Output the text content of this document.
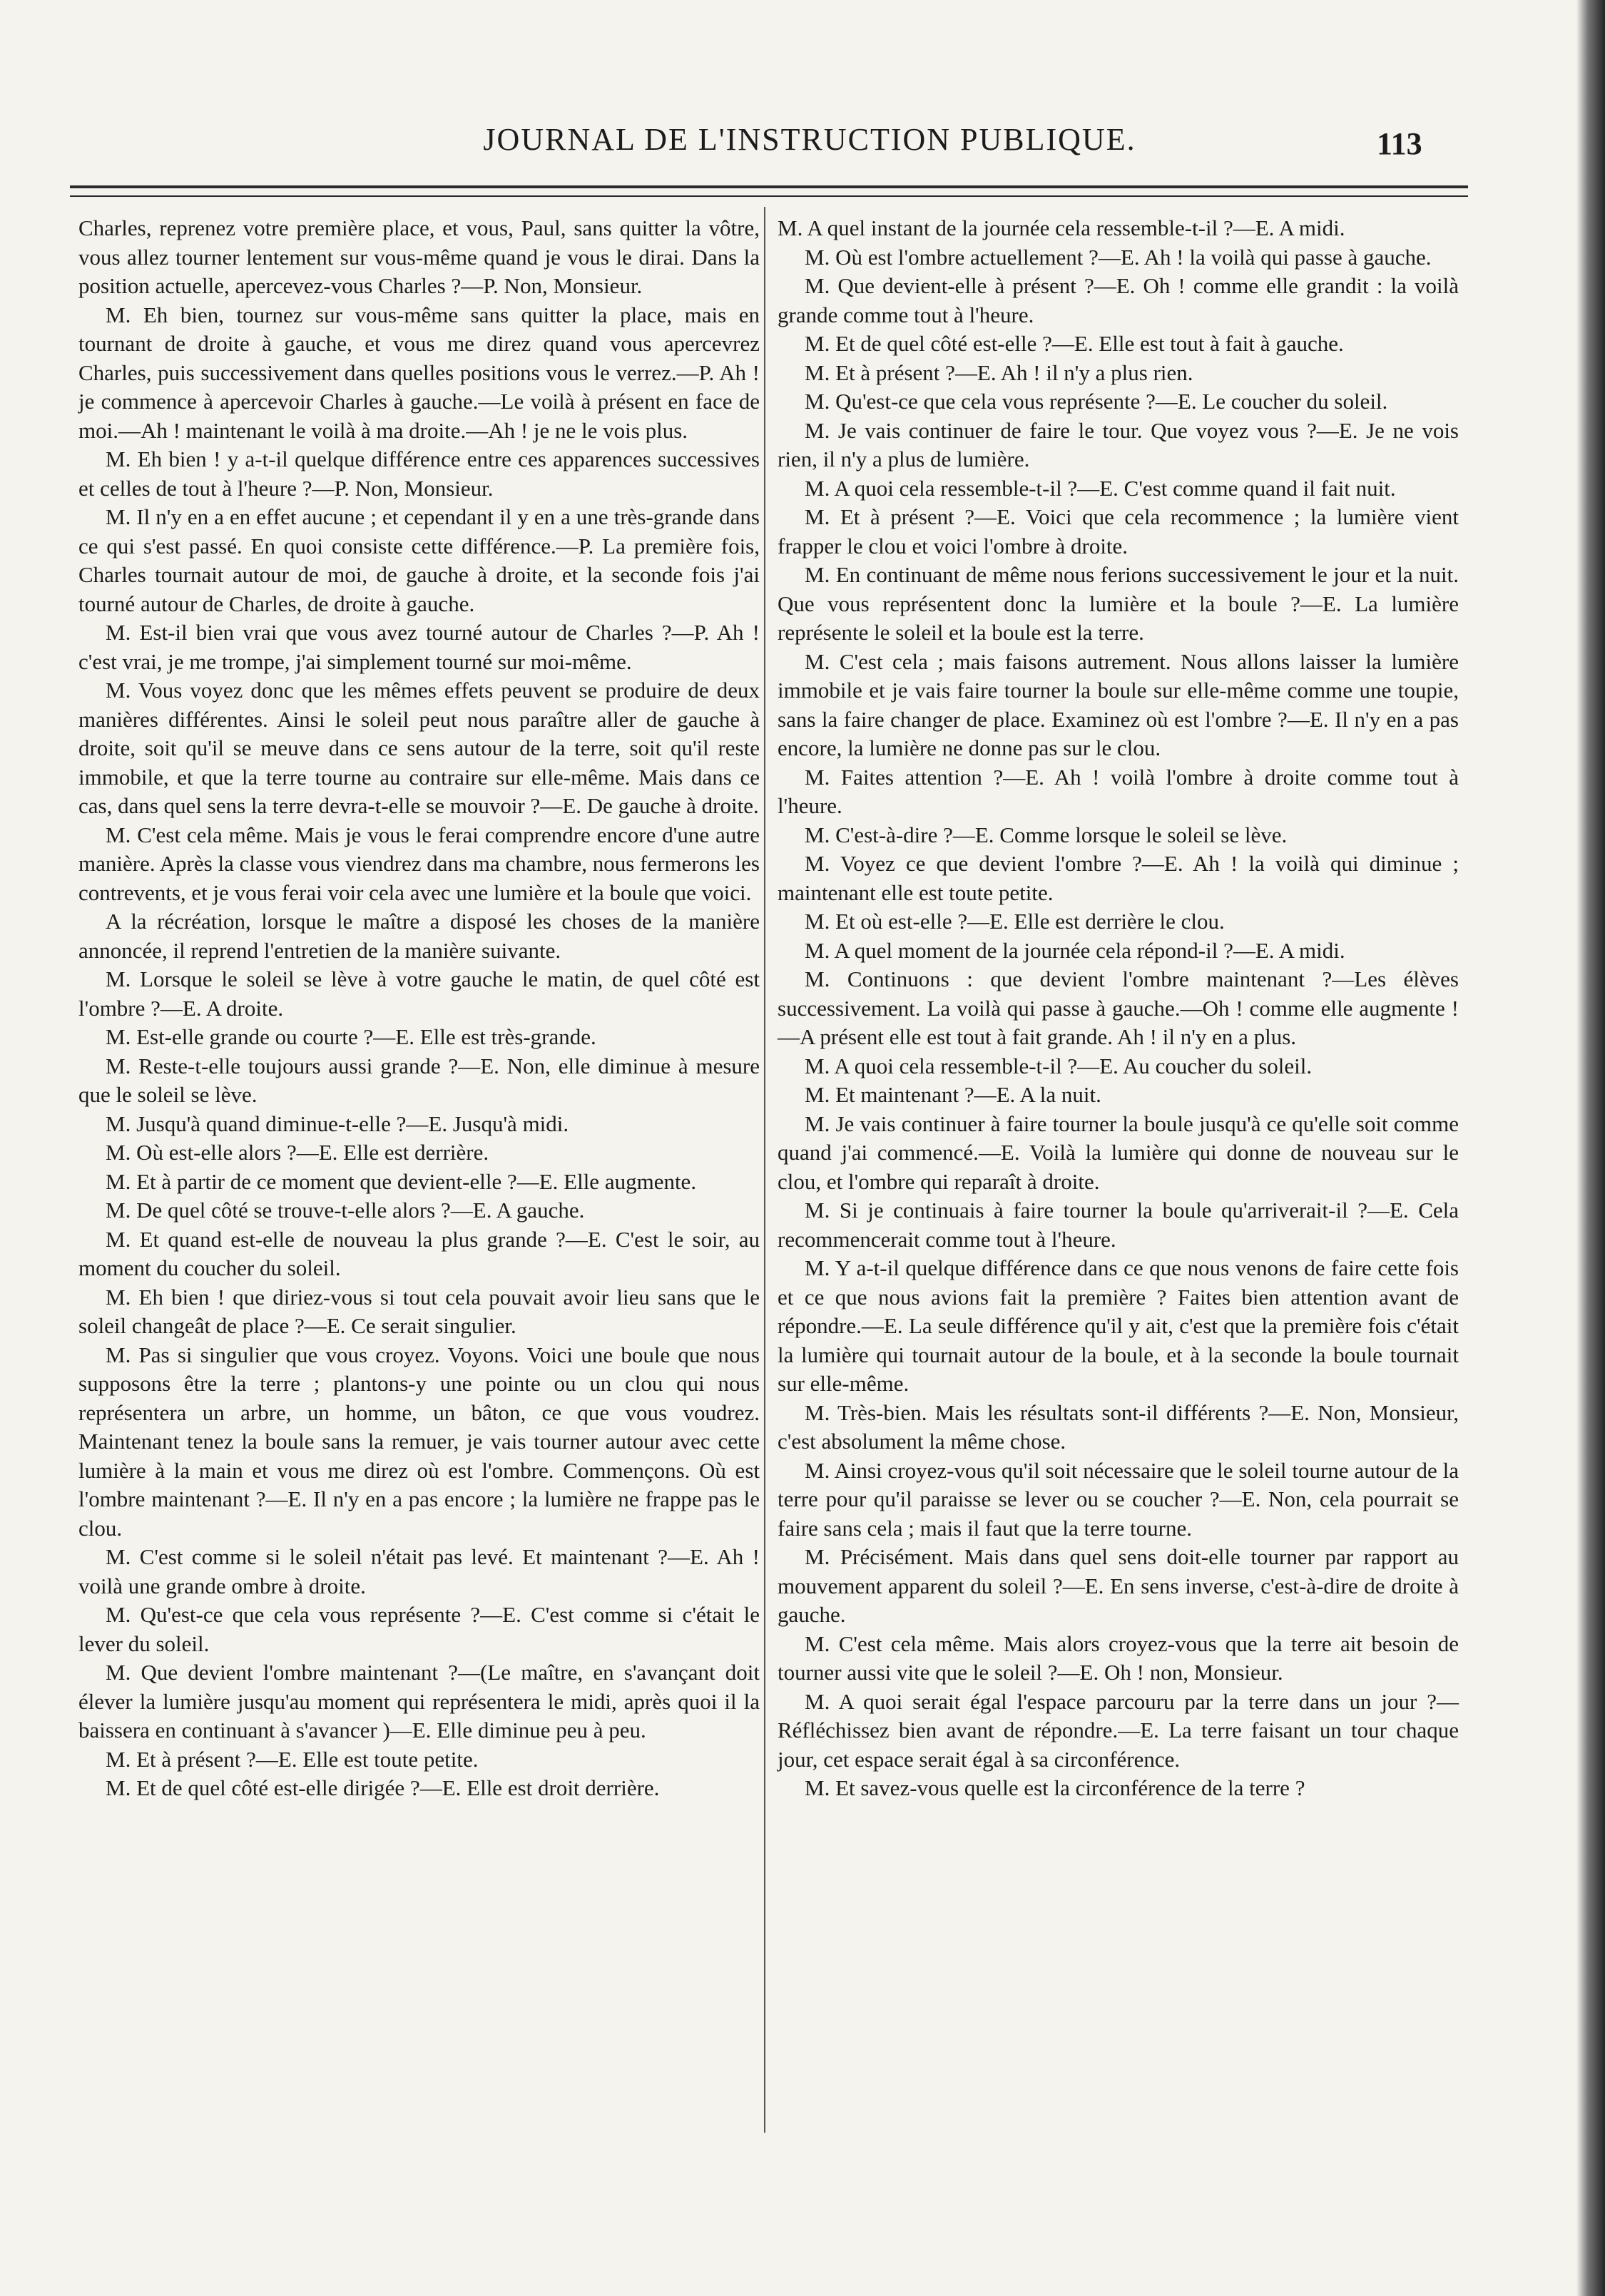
JOURNAL DE L'INSTRUCTION PUBLIQUE.	113

Charles, reprenez votre première place, et vous, Paul, sans quitter la vôtre, vous allez tourner lentement sur vous-même quand je vous le dirai. Dans la position actuelle, apercevez-vous Charles ?—P. Non, Monsieur.

M. Eh bien, tournez sur vous-même sans quitter la place, mais en tournant de droite à gauche, et vous me direz quand vous apercevrez Charles, puis successivement dans quelles positions vous le verrez.—P. Ah ! je commence à apercevoir Charles à gauche.—Le voilà à présent en face de moi.—Ah ! maintenant le voilà à ma droite.—Ah ! je ne le vois plus.

M. Eh bien ! y a-t-il quelque différence entre ces apparences successives et celles de tout à l'heure ?—P. Non, Monsieur.

M. Il n'y en a en effet aucune ; et cependant il y en a une très-grande dans ce qui s'est passé. En quoi consiste cette différence.—P. La première fois, Charles tournait autour de moi, de gauche à droite, et la seconde fois j'ai tourné autour de Charles, de droite à gauche.

M. Est-il bien vrai que vous avez tourné autour de Charles ?—P. Ah ! c'est vrai, je me trompe, j'ai simplement tourné sur moi-même.

M. Vous voyez donc que les mêmes effets peuvent se produire de deux manières différentes. Ainsi le soleil peut nous paraître aller de gauche à droite, soit qu'il se meuve dans ce sens autour de la terre, soit qu'il reste immobile, et que la terre tourne au contraire sur elle-même. Mais dans ce cas, dans quel sens la terre devra-t-elle se mouvoir ?—E. De gauche à droite.

M. C'est cela même. Mais je vous le ferai comprendre encore d'une autre manière. Après la classe vous viendrez dans ma chambre, nous fermerons les contrevents, et je vous ferai voir cela avec une lumière et la boule que voici.

A la récréation, lorsque le maître a disposé les choses de la manière annoncée, il reprend l'entretien de la manière suivante.

M. Lorsque le soleil se lève à votre gauche le matin, de quel côté est l'ombre ?—E. A droite.

M. Est-elle grande ou courte ?—E. Elle est très-grande.

M. Reste-t-elle toujours aussi grande ?—E. Non, elle diminue à mesure que le soleil se lève.

M. Jusqu'à quand diminue-t-elle ?—E. Jusqu'à midi.

M. Où est-elle alors ?—E. Elle est derrière.

M. Et à partir de ce moment que devient-elle ?—E. Elle augmente.

M. De quel côté se trouve-t-elle alors ?—E. A gauche.

M. Et quand est-elle de nouveau la plus grande ?—E. C'est le soir, au moment du coucher du soleil.

M. Eh bien ! que diriez-vous si tout cela pouvait avoir lieu sans que le soleil changeât de place ?—E. Ce serait singulier.

M. Pas si singulier que vous croyez. Voyons. Voici une boule que nous supposons être la terre ; plantons-y une pointe ou un clou qui nous représentera un arbre, un homme, un bâton, ce que vous voudrez. Maintenant tenez la boule sans la remuer, je vais tourner autour avec cette lumière à la main et vous me direz où est l'ombre. Commençons. Où est l'ombre maintenant ?—E. Il n'y en a pas encore ; la lumière ne frappe pas le clou.

M. C'est comme si le soleil n'était pas levé. Et maintenant ?—E. Ah ! voilà une grande ombre à droite.

M. Qu'est-ce que cela vous représente ?—E. C'est comme si c'était le lever du soleil.

M. Que devient l'ombre maintenant ?—(Le maître, en s'avançant doit élever la lumière jusqu'au moment qui représentera le midi, après quoi il la baissera en continuant à s'avancer )—E. Elle diminue peu à peu.

M. Et à présent ?—E. Elle est toute petite.

M. Et de quel côté est-elle dirigée ?—E. Elle est droit derrière.

M. A quel instant de la journée cela ressemble-t-il ?—E. A midi.

M. Où est l'ombre actuellement ?—E. Ah ! la voilà qui passe à gauche.

M. Que devient-elle à présent ?—E. Oh ! comme elle grandit : la voilà grande comme tout à l'heure.

M. Et de quel côté est-elle ?—E. Elle est tout à fait à gauche.

M. Et à présent ?—E. Ah ! il n'y a plus rien.

M. Qu'est-ce que cela vous représente ?—E. Le coucher du soleil.

M. Je vais continuer de faire le tour. Que voyez vous ?—E. Je ne vois rien, il n'y a plus de lumière.

M. A quoi cela ressemble-t-il ?—E. C'est comme quand il fait nuit.

M. Et à présent ?—E. Voici que cela recommence ; la lumière vient frapper le clou et voici l'ombre à droite.

M. En continuant de même nous ferions successivement le jour et la nuit. Que vous représentent donc la lumière et la boule ?—E. La lumière représente le soleil et la boule est la terre.

M. C'est cela ; mais faisons autrement. Nous allons laisser la lumière immobile et je vais faire tourner la boule sur elle-même comme une toupie, sans la faire changer de place. Examinez où est l'ombre ?—E. Il n'y en a pas encore, la lumière ne donne pas sur le clou.

M. Faites attention ?—E. Ah ! voilà l'ombre à droite comme tout à l'heure.

M. C'est-à-dire ?—E. Comme lorsque le soleil se lève.

M. Voyez ce que devient l'ombre ?—E. Ah ! la voilà qui diminue ; maintenant elle est toute petite.

M. Et où est-elle ?—E. Elle est derrière le clou.

M. A quel moment de la journée cela répond-il ?—E. A midi.

M. Continuons : que devient l'ombre maintenant ?—Les élèves successivement. La voilà qui passe à gauche.—Oh ! comme elle augmente !—A présent elle est tout à fait grande. Ah ! il n'y en a plus.

M. A quoi cela ressemble-t-il ?—E. Au coucher du soleil.

M. Et maintenant ?—E. A la nuit.

M. Je vais continuer à faire tourner la boule jusqu'à ce qu'elle soit comme quand j'ai commencé.—E. Voilà la lumière qui donne de nouveau sur le clou, et l'ombre qui reparaît à droite.

M. Si je continuais à faire tourner la boule qu'arriverait-il ?—E. Cela recommencerait comme tout à l'heure.

M. Y a-t-il quelque différence dans ce que nous venons de faire cette fois et ce que nous avions fait la première ? Faites bien attention avant de répondre.—E. La seule différence qu'il y ait, c'est que la première fois c'était la lumière qui tournait autour de la boule, et à la seconde la boule tournait sur elle-même.

M. Très-bien. Mais les résultats sont-il différents ?—E. Non, Monsieur, c'est absolument la même chose.

M. Ainsi croyez-vous qu'il soit nécessaire que le soleil tourne autour de la terre pour qu'il paraisse se lever ou se coucher ?—E. Non, cela pourrait se faire sans cela ; mais il faut que la terre tourne.

M. Précisément. Mais dans quel sens doit-elle tourner par rapport au mouvement apparent du soleil ?—E. En sens inverse, c'est-à-dire de droite à gauche.

M. C'est cela même. Mais alors croyez-vous que la terre ait besoin de tourner aussi vite que le soleil ?—E. Oh ! non, Monsieur.

M. A quoi serait égal l'espace parcouru par la terre dans un jour ?—Réfléchissez bien avant de répondre.—E. La terre faisant un tour chaque jour, cet espace serait égal à sa circonférence.

M. Et savez-vous quelle est la circonférence de la terre ?
